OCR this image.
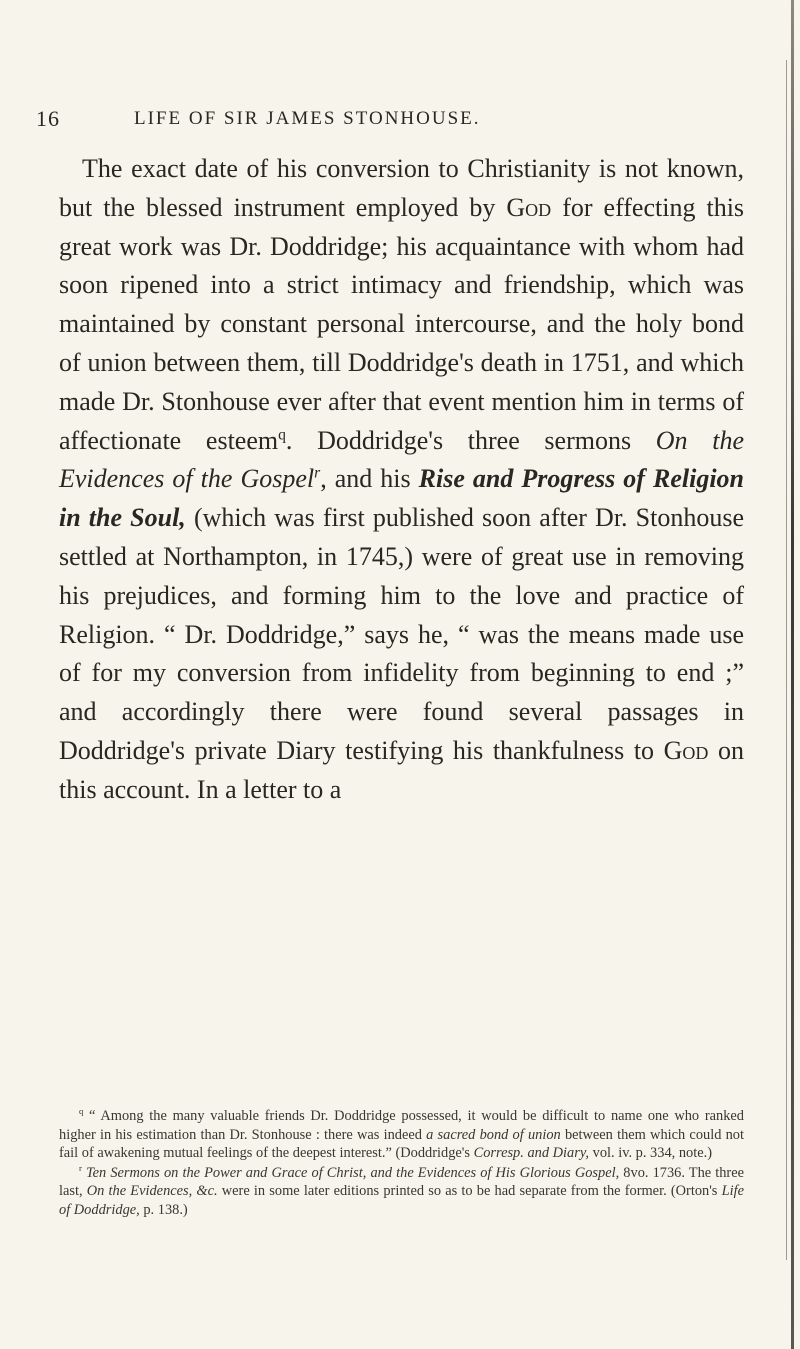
16	LIFE OF SIR JAMES STONHOUSE.

The exact date of his conversion to Christianity is not known, but the blessed instrument employed by God for effecting this great work was Dr. Doddridge; his acquaintance with whom had soon ripened into a strict intimacy and friendship, which was maintained by constant personal intercourse, and the holy bond of union between them, till Doddridge's death in 1751, and which made Dr. Stonhouse ever after that event mention him in terms of affectionate esteem$^q$. Doddridge's three sermons On the Evidences of the Gospel$^r$, and his Rise and Progress of Religion in the Soul, (which was first published soon after Dr. Stonhouse settled at Northampton, in 1745,) were of great use in removing his prejudices, and forming him to the love and practice of Religion. “ Dr. Doddridge,” says he, “ was the means made use of for my conversion from infidelity from beginning to end ;” and accordingly there were found several passages in Doddridge's private Diary testifying his thankfulness to God on this account. In a letter to a

$^q$ “ Among the many valuable friends Dr. Doddridge possessed, it would be difficult to name one who ranked higher in his estimation than Dr. Stonhouse : there was indeed a sacred bond of union between them which could not fail of awakening mutual feelings of the deepest interest.” (Doddridge's Corresp. and Diary, vol. iv. p. 334, note.)

$^r$ Ten Sermons on the Power and Grace of Christ, and the Evidences of His Glorious Gospel, 8vo. 1736. The three last, On the Evidences, &c. were in some later editions printed so as to be had separate from the former. (Orton's Life of Doddridge, p. 138.)
